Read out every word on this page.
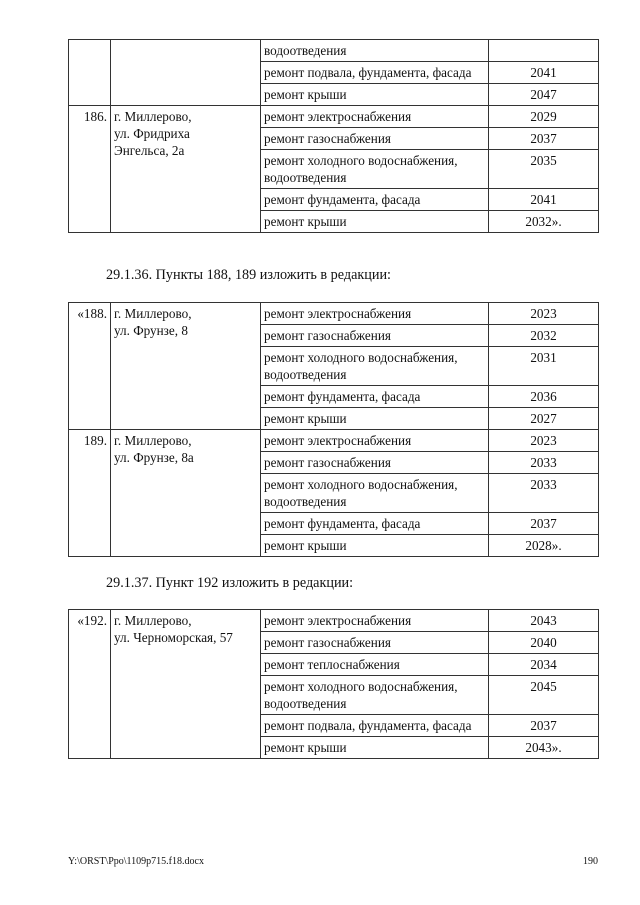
		водоотведения	
		ремонт подвала, фундамента, фасада	2041
		ремонт крыши	2047
186.	г. Миллерово,
ул. Фридриха
Энгельса, 2а	ремонт электроснабжения	2029
		ремонт газоснабжения	2037
		ремонт холодного водоснабжения, водоотведения	2035
		ремонт фундамента, фасада	2041
		ремонт крыши	2032».
29.1.36. Пункты 188, 189 изложить в редакции:
«188.	г. Миллерово,
ул. Фрунзе, 8	ремонт электроснабжения	2023
		ремонт газоснабжения	2032
		ремонт холодного водоснабжения, водоотведения	2031
		ремонт фундамента, фасада	2036
		ремонт крыши	2027
189.	г. Миллерово,
ул. Фрунзе, 8а	ремонт электроснабжения	2023
		ремонт газоснабжения	2033
		ремонт холодного водоснабжения, водоотведения	2033
		ремонт фундамента, фасада	2037
		ремонт крыши	2028».
29.1.37. Пункт 192 изложить в редакции:
«192.	г. Миллерово,
ул. Черноморская, 57	ремонт электроснабжения	2043
		ремонт газоснабжения	2040
		ремонт теплоснабжения	2034
		ремонт холодного водоснабжения, водоотведения	2045
		ремонт подвала, фундамента, фасада	2037
		ремонт крыши	2043».
Y:\ORST\Ppo\1109p715.f18.docx	190
